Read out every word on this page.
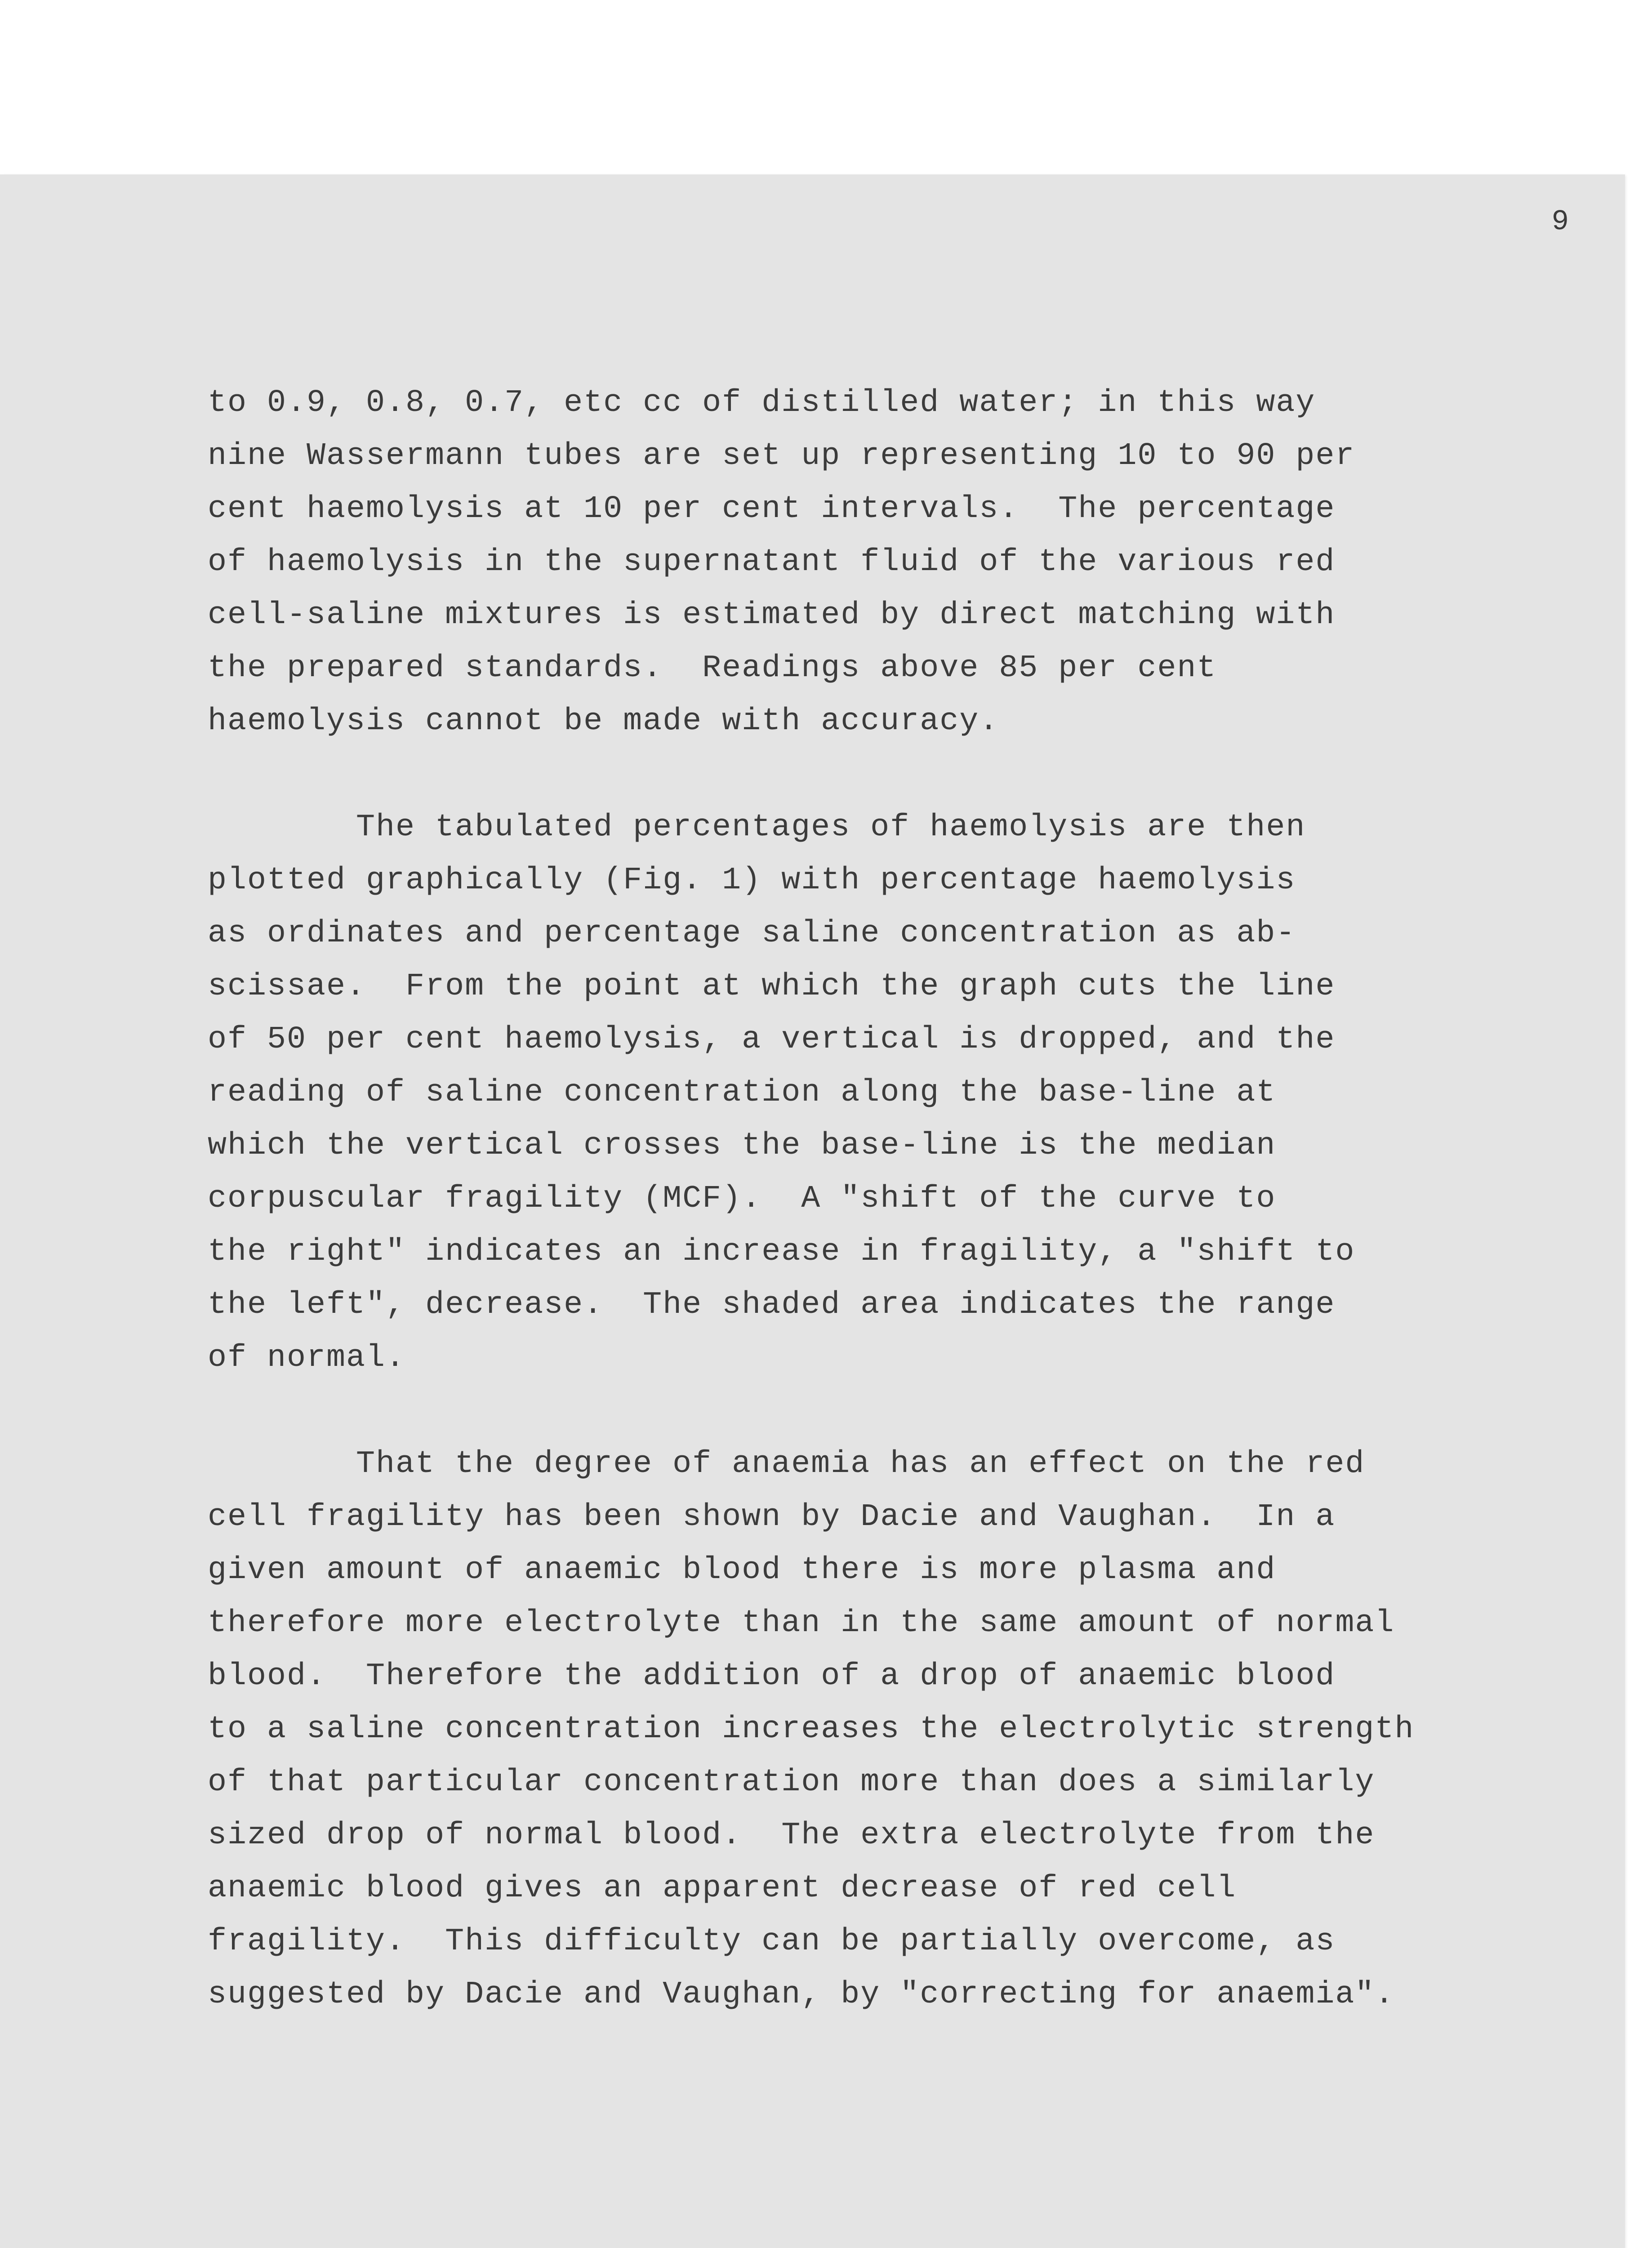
9

to 0.9, 0.8, 0.7, etc cc of distilled water; in this way
nine Wassermann tubes are set up representing 10 to 90 per
cent haemolysis at 10 per cent intervals.  The percentage
of haemolysis in the supernatant fluid of the various red
cell-saline mixtures is estimated by direct matching with
the prepared standards.  Readings above 85 per cent
haemolysis cannot be made with accuracy.

The tabulated percentages of haemolysis are then
plotted graphically (Fig. 1) with percentage haemolysis
as ordinates and percentage saline concentration as ab-
scissae.  From the point at which the graph cuts the line
of 50 per cent haemolysis, a vertical is dropped, and the
reading of saline concentration along the base-line at
which the vertical crosses the base-line is the median
corpuscular fragility (MCF).  A "shift of the curve to
the right" indicates an increase in fragility, a "shift to
the left", decrease.  The shaded area indicates the range
of normal.

That the degree of anaemia has an effect on the red
cell fragility has been shown by Dacie and Vaughan.  In a
given amount of anaemic blood there is more plasma and
therefore more electrolyte than in the same amount of normal
blood.  Therefore the addition of a drop of anaemic blood
to a saline concentration increases the electrolytic strength
of that particular concentration more than does a similarly
sized drop of normal blood.  The extra electrolyte from the
anaemic blood gives an apparent decrease of red cell
fragility.  This difficulty can be partially overcome, as
suggested by Dacie and Vaughan, by "correcting for anaemia".
